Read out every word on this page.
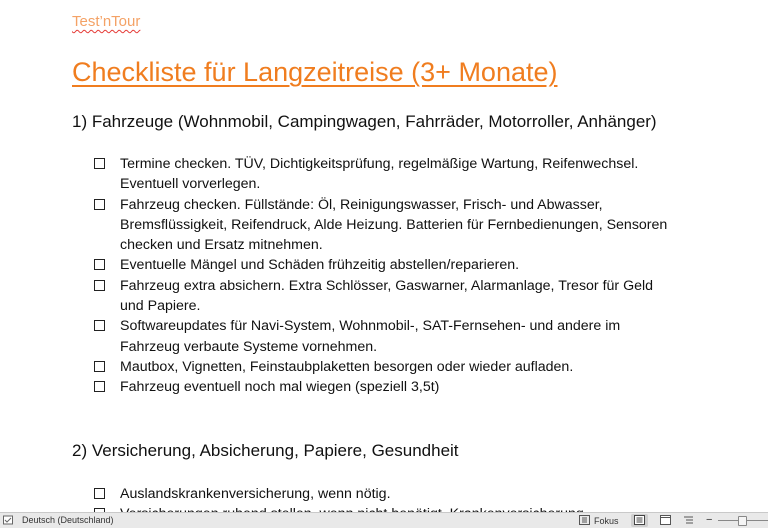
Test’nTour
Checkliste für Langzeitreise (3+ Monate)
1) Fahrzeuge (Wohnmobil, Campingwagen, Fahrräder, Motorroller, Anhänger)
Termine checken. TÜV, Dichtigkeitsprüfung, regelmäßige Wartung, Reifenwechsel. Eventuell vorverlegen.
Fahrzeug checken. Füllstände: Öl, Reinigungswasser, Frisch- und Abwasser, Bremsflüssigkeit, Reifendruck, Alde Heizung. Batterien für Fernbedienungen, Sensoren checken und Ersatz mitnehmen.
Eventuelle Mängel und Schäden frühzeitig abstellen/reparieren.
Fahrzeug extra absichern. Extra Schlösser, Gaswarner, Alarmanlage, Tresor für Geld und Papiere.
Softwareupdates für Navi-System, Wohnmobil-, SAT-Fernsehen- und andere im Fahrzeug verbaute Systeme vornehmen.
Mautbox, Vignetten, Feinstaubplaketten besorgen oder wieder aufladen.
Fahrzeug eventuell noch mal wiegen (speziell 3,5t)
2) Versicherung, Absicherung, Papiere, Gesundheit
Auslandskrankenversicherung, wenn nötig.
Deutsch (Deutschland)	Fokus	−
